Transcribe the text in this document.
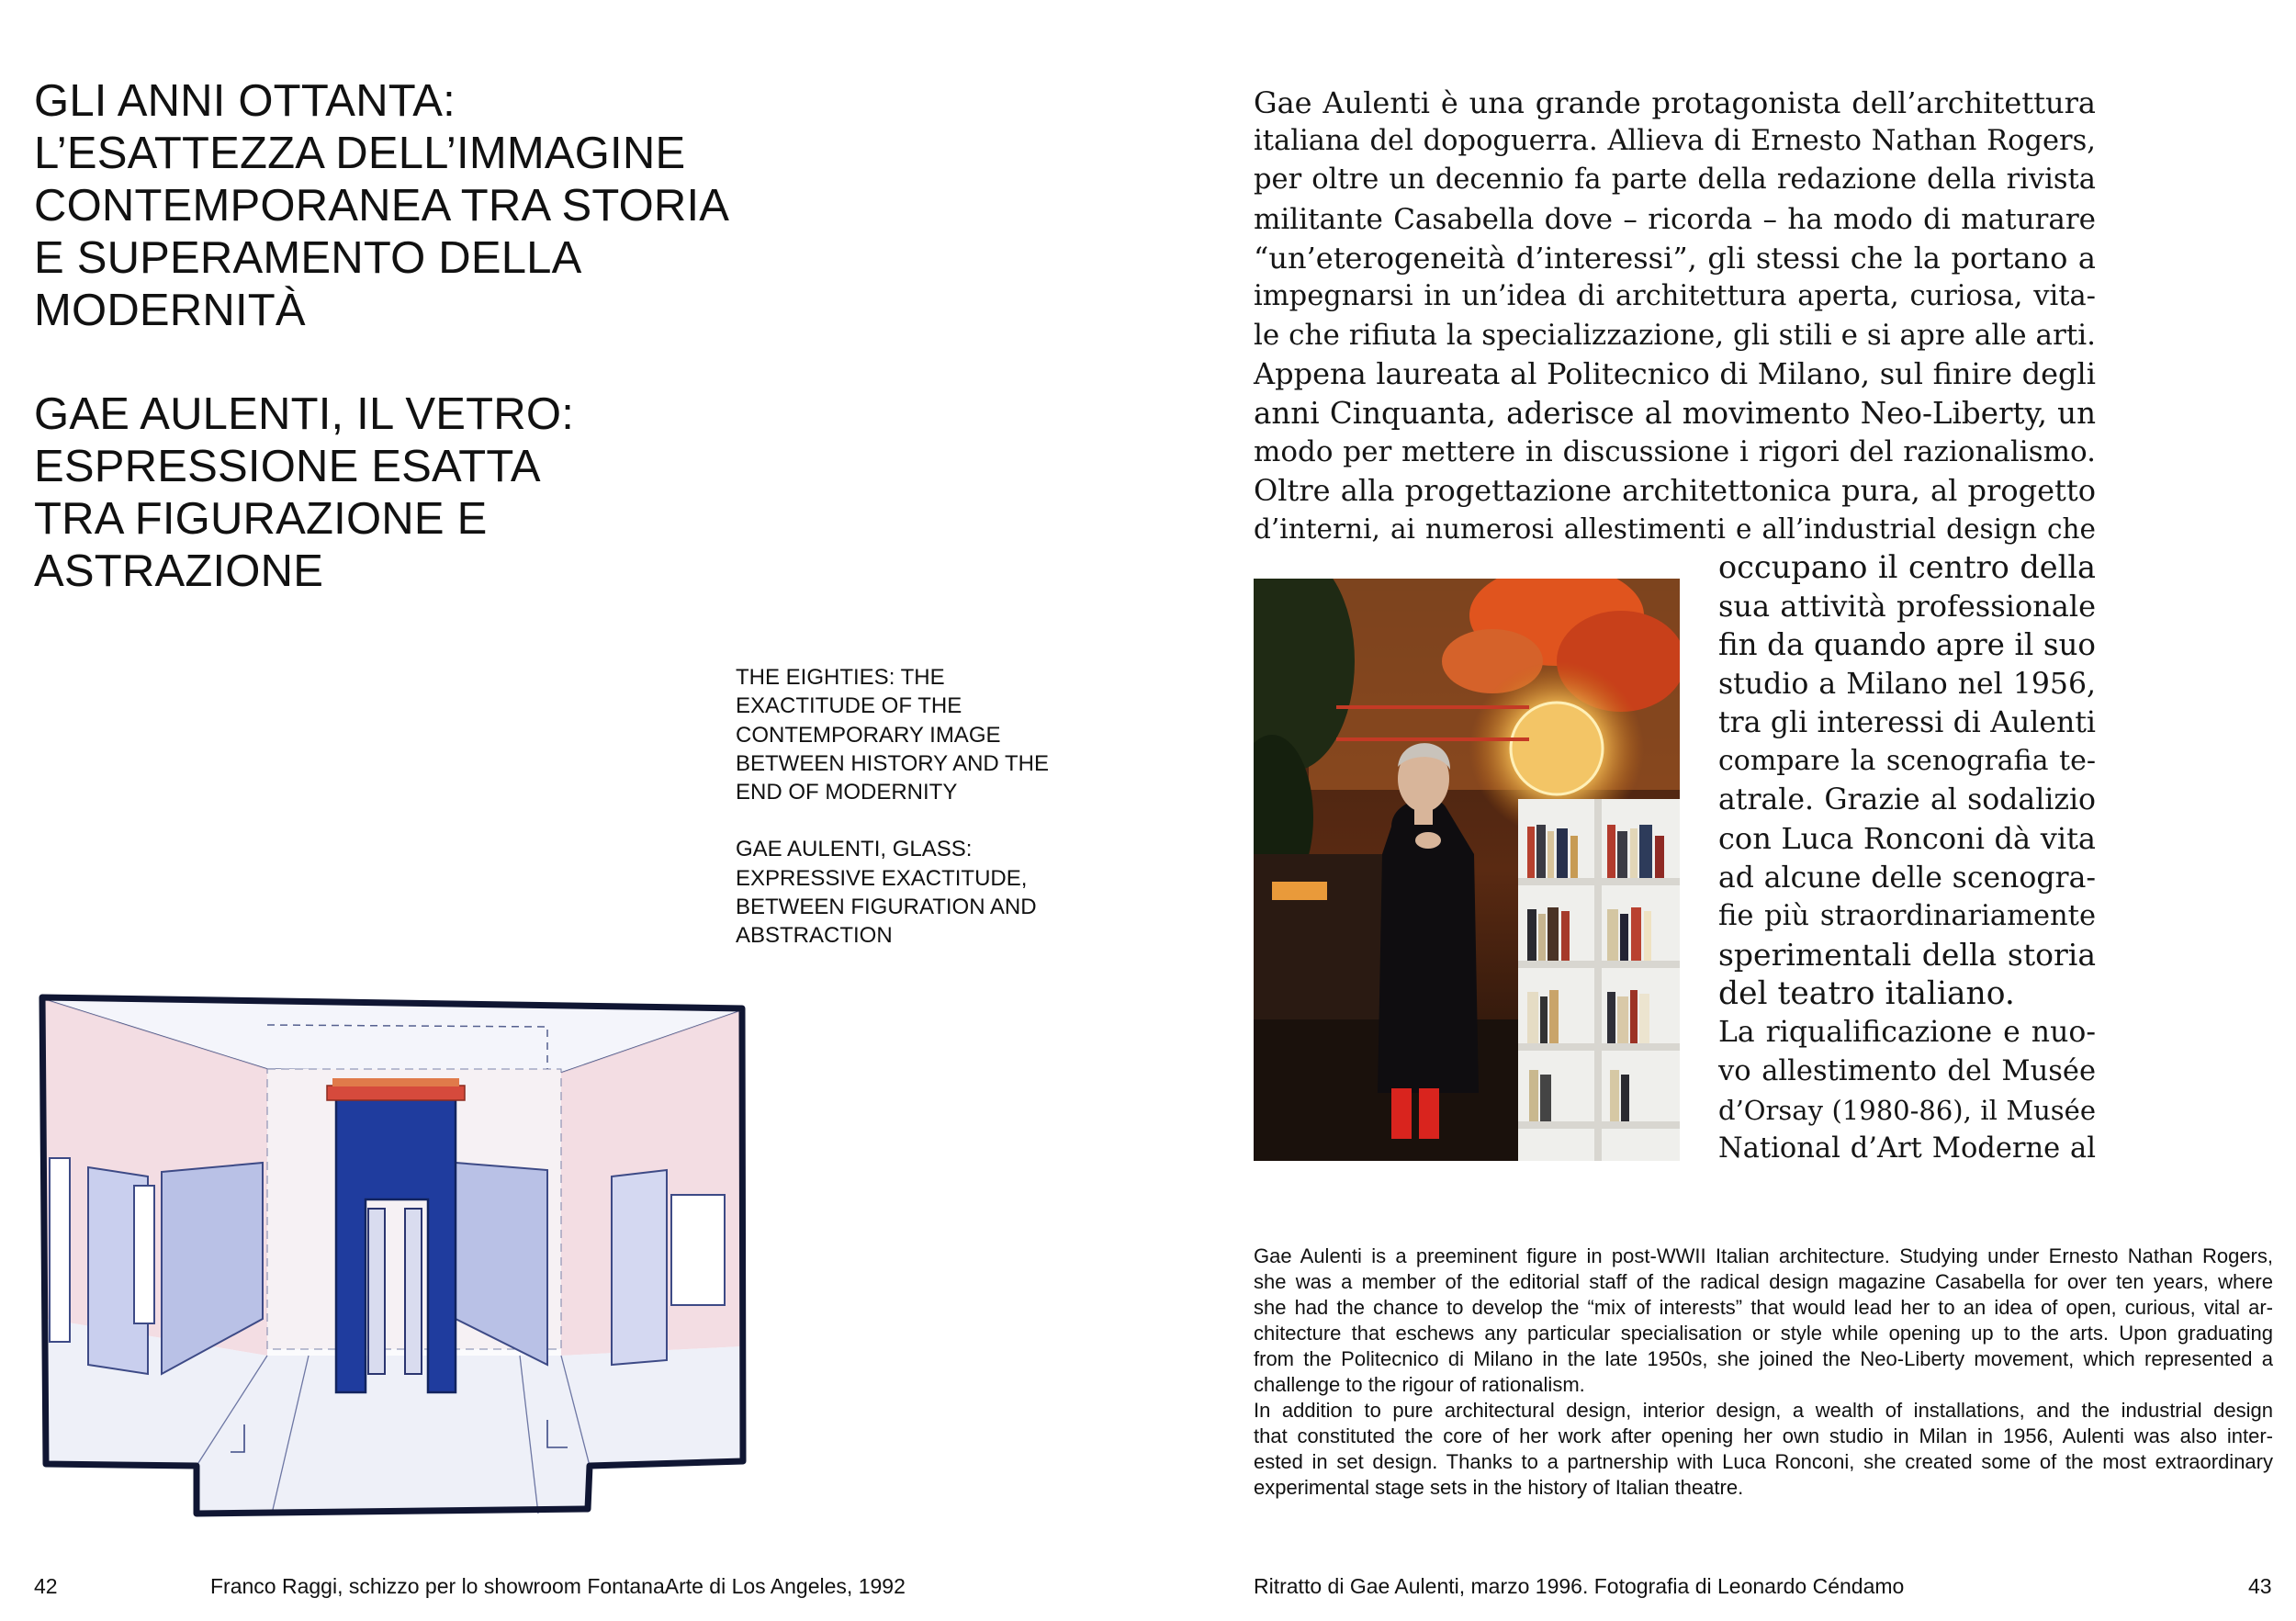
GLI ANNI OTTANTA:
L’ESATTEZZA DELL’IMMAGINE
CONTEMPORANEA TRA STORIA
E SUPERAMENTO DELLA
MODERNITÀ
GAE AULENTI, IL VETRO:
ESPRESSIONE ESATTA
TRA FIGURAZIONE E
ASTRAZIONE
THE EIGHTIES: THE
EXACTITUDE OF THE
CONTEMPORARY IMAGE
BETWEEN HISTORY AND THE
END OF MODERNITY
GAE AULENTI, GLASS:
EXPRESSIVE EXACTITUDE,
BETWEEN FIGURATION AND
ABSTRACTION
42	Franco Raggi, schizzo per lo showroom FontanaArte di Los Angeles, 1992
Gae Aulenti è una grande protagonista dell’architettura
italiana del dopoguerra. Allieva di Ernesto Nathan Rogers,
per oltre un decennio fa parte della redazione della rivista
militante Casabella dove – ricorda – ha modo di maturare
“un’eterogeneità d’interessi”, gli stessi che la portano a
impegnarsi in un’idea di architettura aperta, curiosa, vita-
le che rifiuta la specializzazione, gli stili e si apre alle arti.
Appena laureata al Politecnico di Milano, sul finire degli
anni Cinquanta, aderisce al movimento Neo-Liberty, un
modo per mettere in discussione i rigori del razionalismo.
Oltre alla progettazione architettonica pura, al progetto
d’interni, ai numerosi allestimenti e all’industrial design che
occupano il centro della
sua attività professionale
fin da quando apre il suo
studio a Milano nel 1956,
tra gli interessi di Aulenti
compare la scenografia te-
atrale. Grazie al sodalizio
con Luca Ronconi dà vita
ad alcune delle scenogra-
fie più straordinariamente
sperimentali della storia
del teatro italiano.
La riqualificazione e nuo-
vo allestimento del Musée
d’Orsay (1980-86), il Musée
National d’Art Moderne al
Gae Aulenti is a preeminent figure in post-WWII Italian architecture. Studying under Ernesto Nathan Rogers,
she was a member of the editorial staff of the radical design magazine Casabella for over ten years, where
she had the chance to develop the “mix of interests” that would lead her to an idea of open, curious, vital ar-
chitecture that eschews any particular specialisation or style while opening up to the arts. Upon graduating
from the Politecnico di Milano in the late 1950s, she joined the Neo-Liberty movement, which represented a
challenge to the rigour of rationalism.
In addition to pure architectural design, interior design, a wealth of installations, and the industrial design
that constituted the core of her work after opening her own studio in Milan in 1956, Aulenti was also inter-
ested in set design. Thanks to a partnership with Luca Ronconi, she created some of the most extraordinary
experimental stage sets in the history of Italian theatre.
Ritratto di Gae Aulenti, marzo 1996. Fotografia di Leonardo Céndamo	43
